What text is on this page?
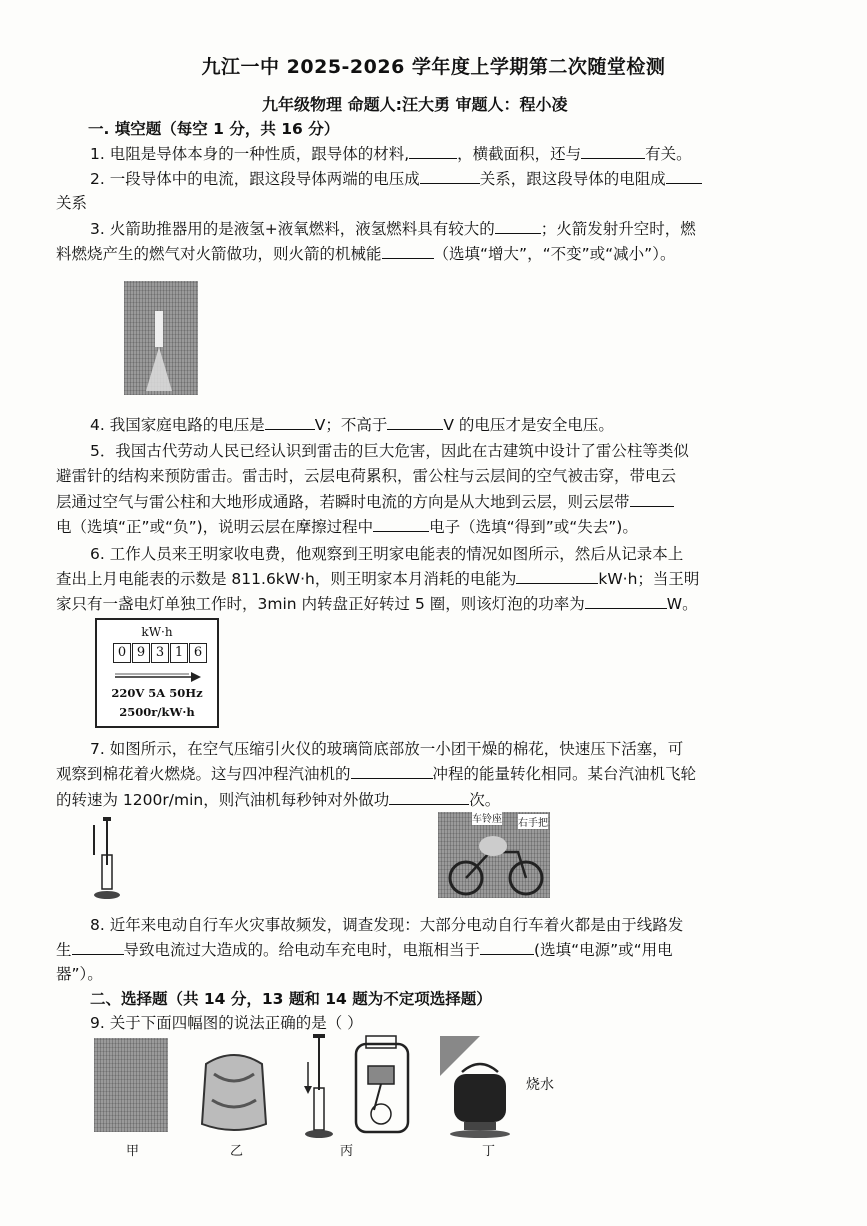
九江一中 2025-2026 学年度上学期第二次随堂检测
九年级物理 命题人:汪大勇 审题人：程小凌
一. 填空题（每空 1 分，共 16 分）
1. 电阻是导体本身的一种性质，跟导体的材料,	，横截面积，还与	有关。
2. 一段导体中的电流，跟这段导体两端的电压成	关系，跟这段导体的电阻成
关系
3. 火箭助推器用的是液氢+液氧燃料，液氢燃料具有较大的	；火箭发射升空时，燃
料燃烧产生的燃气对火箭做功，则火箭的机械能	（选填“增大”，“不变”或“减小”）。
4. 我国家庭电路的电压是	V；不高于	V 的电压才是安全电压。
5．我国古代劳动人民已经认识到雷击的巨大危害，因此在古建筑中设计了雷公柱等类似
避雷针的结构来预防雷击。雷击时，云层电荷累积，雷公柱与云层间的空气被击穿，带电云
层通过空气与雷公柱和大地形成通路，若瞬时电流的方向是从大地到云层，则云层带
电（选填“正”或“负”)，说明云层在摩擦过程中	电子（选填“得到”或“失去”)。
6. 工作人员来王明家收电费，他观察到王明家电能表的情况如图所示，然后从记录本上
查出上月电能表的示数是 811.6kW·h，则王明家本月消耗的电能为	kW·h；当王明
家只有一盏电灯单独工作时，3min 内转盘正好转过 5 圈，则该灯泡的功率为	W。
kW·h
0 9 3 1 6
220V 5A 50Hz
2500r/kW·h
7. 如图所示，在空气压缩引火仪的玻璃筒底部放一小团干燥的棉花，快速压下活塞，可
观察到棉花着火燃烧。这与四冲程汽油机的	冲程的能量转化相同。某台汽油机飞轮
的转速为 1200r/min，则汽油机每秒钟对外做功	次。
车铃座 右手把
8. 近年来电动自行车火灾事故频发，调查发现：大部分电动自行车着火都是由于线路发
生	导致电流过大造成的。给电动车充电时，电瓶相当于	(选填“电源”或“用电
器”）。
二、选择题（共 14 分，13 题和 14 题为不定项选择题）
9. 关于下面四幅图的说法正确的是（ ）
甲	乙	丙
烧水
丁
